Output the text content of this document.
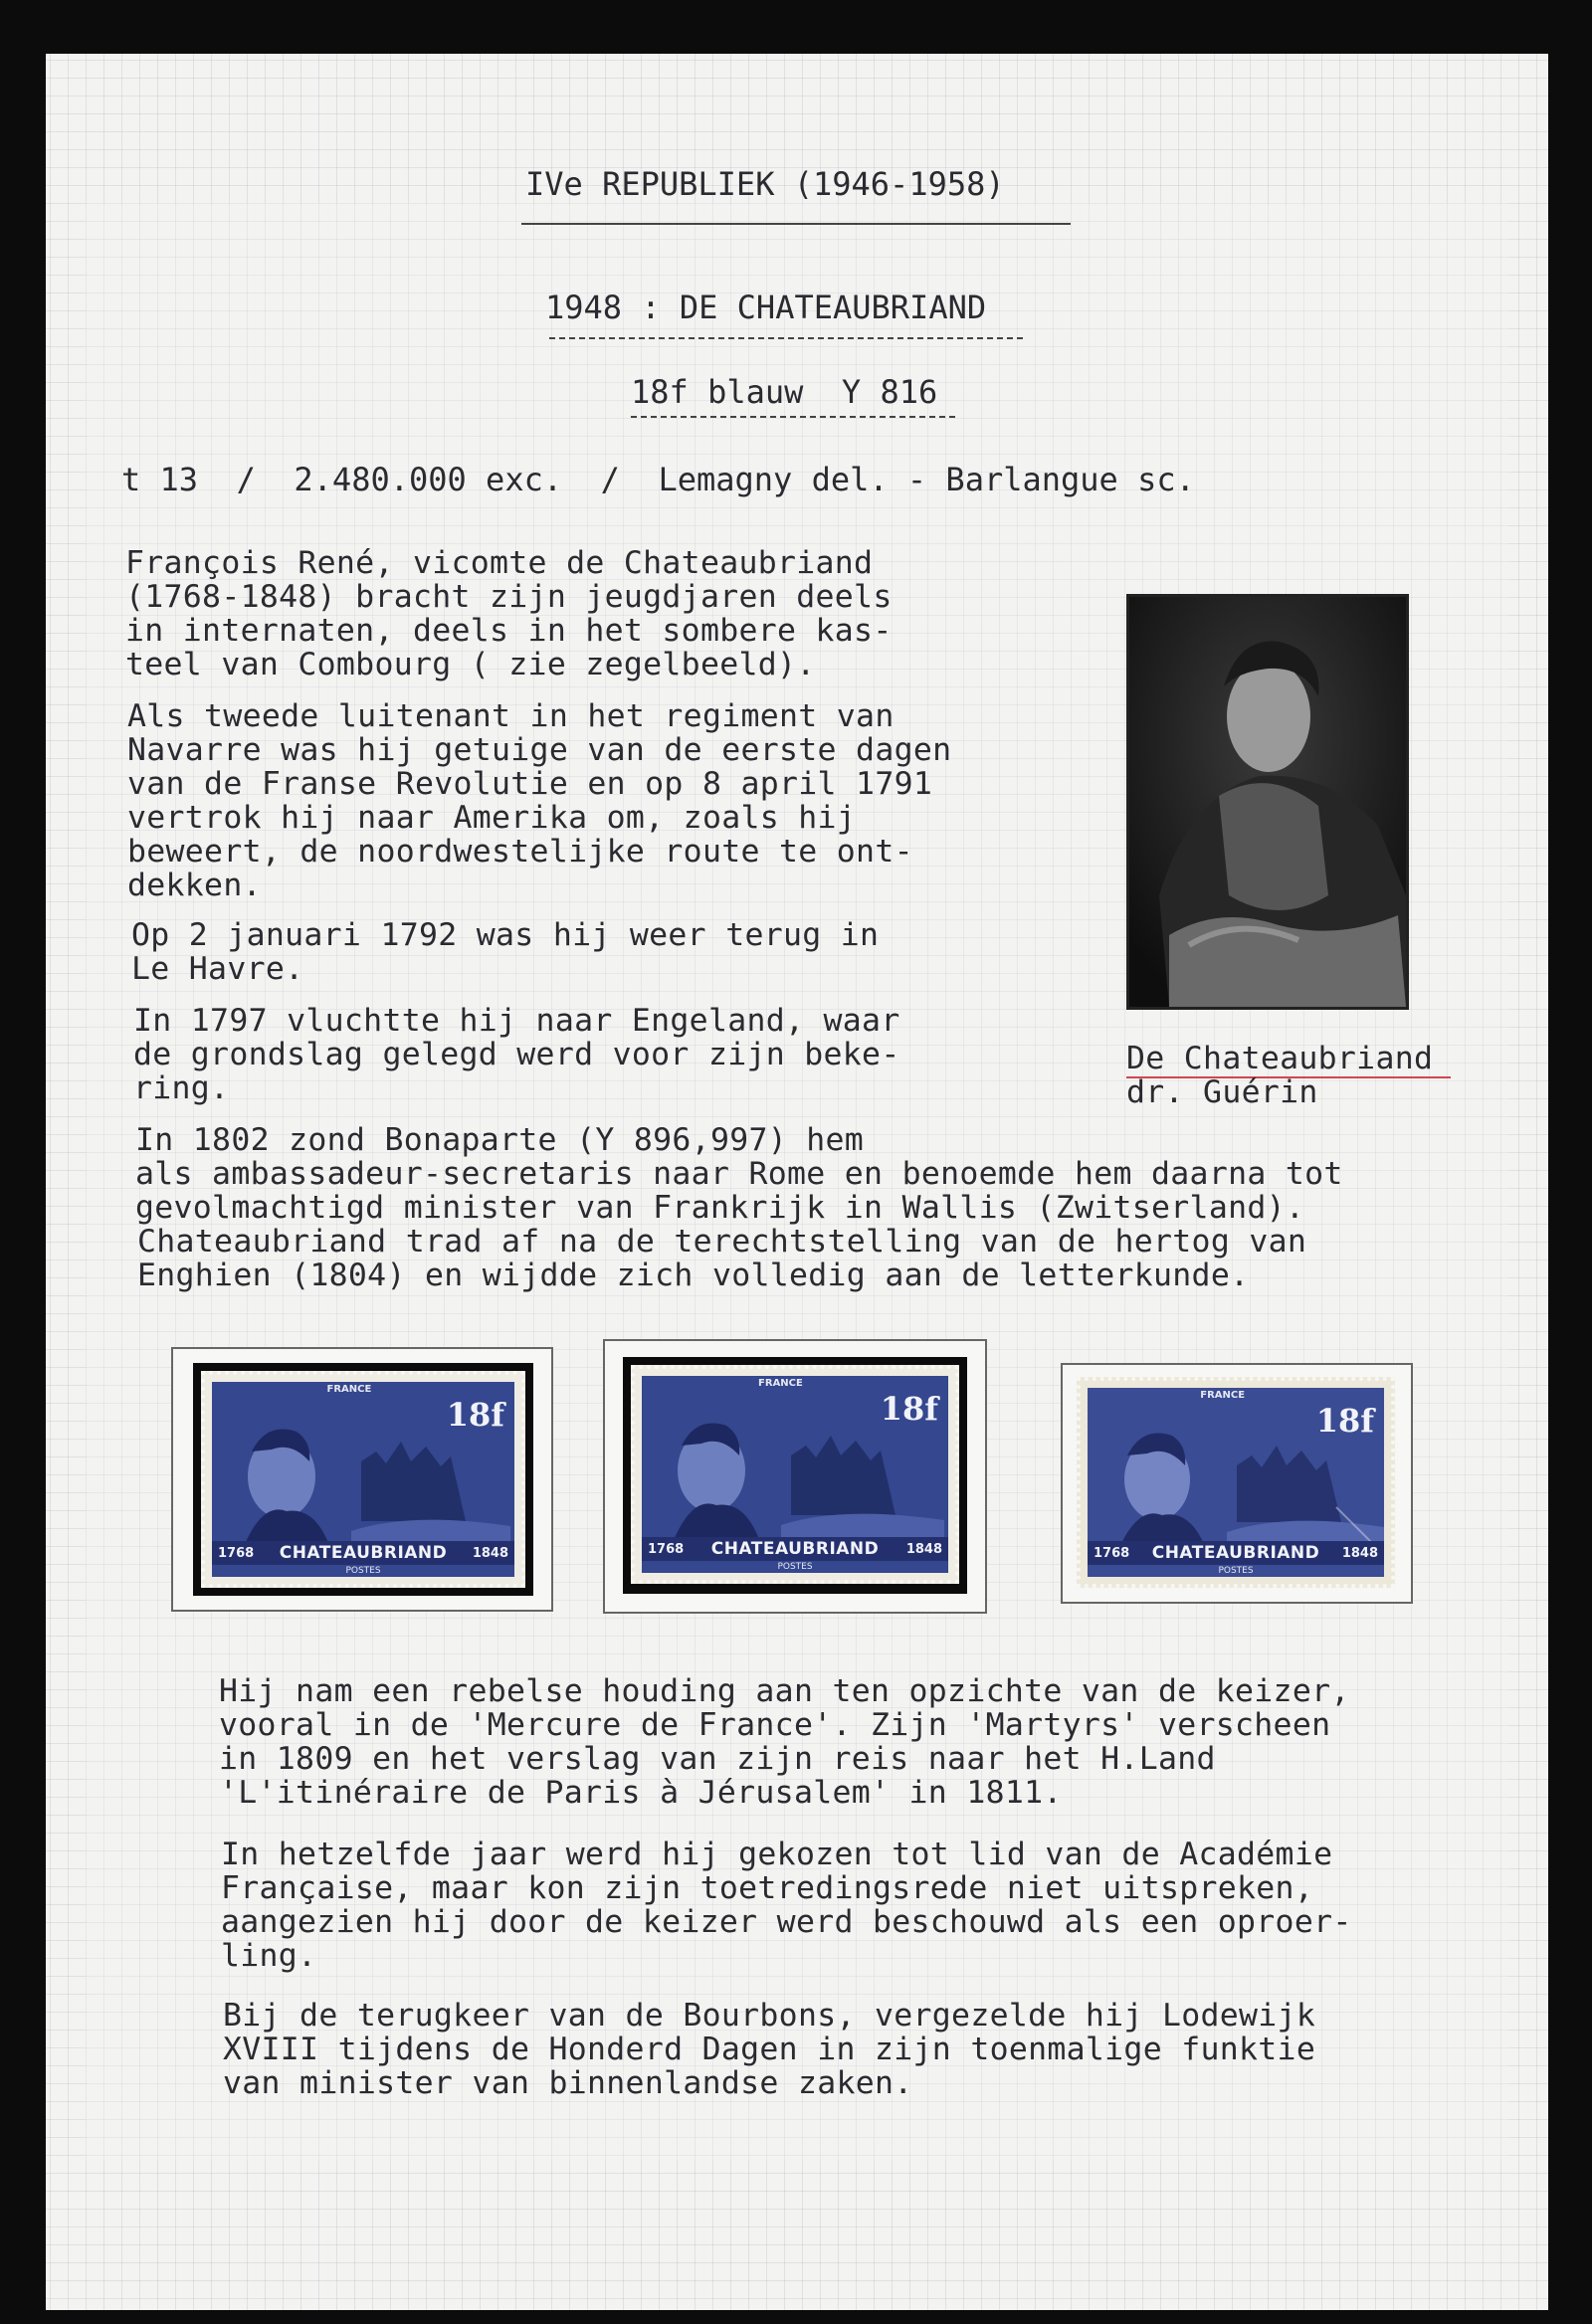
IVe REPUBLIEK (1946-1958)
1948 : DE CHATEAUBRIAND
18f blauw  Y 816
t 13  /  2.480.000 exc.  /  Lemagny del. - Barlangue sc.
François René, vicomte de Chateaubriand
(1768-1848) bracht zijn jeugdjaren deels
in internaten, deels in het sombere kas-
teel van Combourg ( zie zegelbeeld).
Als tweede luitenant in het regiment van
Navarre was hij getuige van de eerste dagen
van de Franse Revolutie en op 8 april 1791
vertrok hij naar Amerika om, zoals hij
beweert, de noordwestelijke route te ont-
dekken.
Op 2 januari 1792 was hij weer terug in
Le Havre.
In 1797 vluchtte hij naar Engeland, waar
de grondslag gelegd werd voor zijn beke-
ring.
In 1802 zond Bonaparte (Y 896,997) hem
als ambassadeur-secretaris naar Rome en benoemde hem daarna tot
gevolmachtigd minister van Frankrijk in Wallis (Zwitserland).
Chateaubriand trad af na de terechtstelling van de hertog van
Enghien (1804) en wijdde zich volledig aan de letterkunde.
De Chateaubriand
dr. Guérin
FRANCE
18f
1768	CHATEAUBRIAND	1848
POSTES
FRANCE
18f
1768	CHATEAUBRIAND	1848
POSTES
FRANCE
18f
1768	CHATEAUBRIAND	1848
POSTES
Hij nam een rebelse houding aan ten opzichte van de keizer,
vooral in de 'Mercure de France'. Zijn 'Martyrs' verscheen
in 1809 en het verslag van zijn reis naar het H.Land
'L'itinéraire de Paris à Jérusalem' in 1811.
In hetzelfde jaar werd hij gekozen tot lid van de Académie
Française, maar kon zijn toetredingsrede niet uitspreken,
aangezien hij door de keizer werd beschouwd als een oproer-
ling.
Bij de terugkeer van de Bourbons, vergezelde hij Lodewijk
XVIII tijdens de Honderd Dagen in zijn toenmalige funktie
van minister van binnenlandse zaken.
